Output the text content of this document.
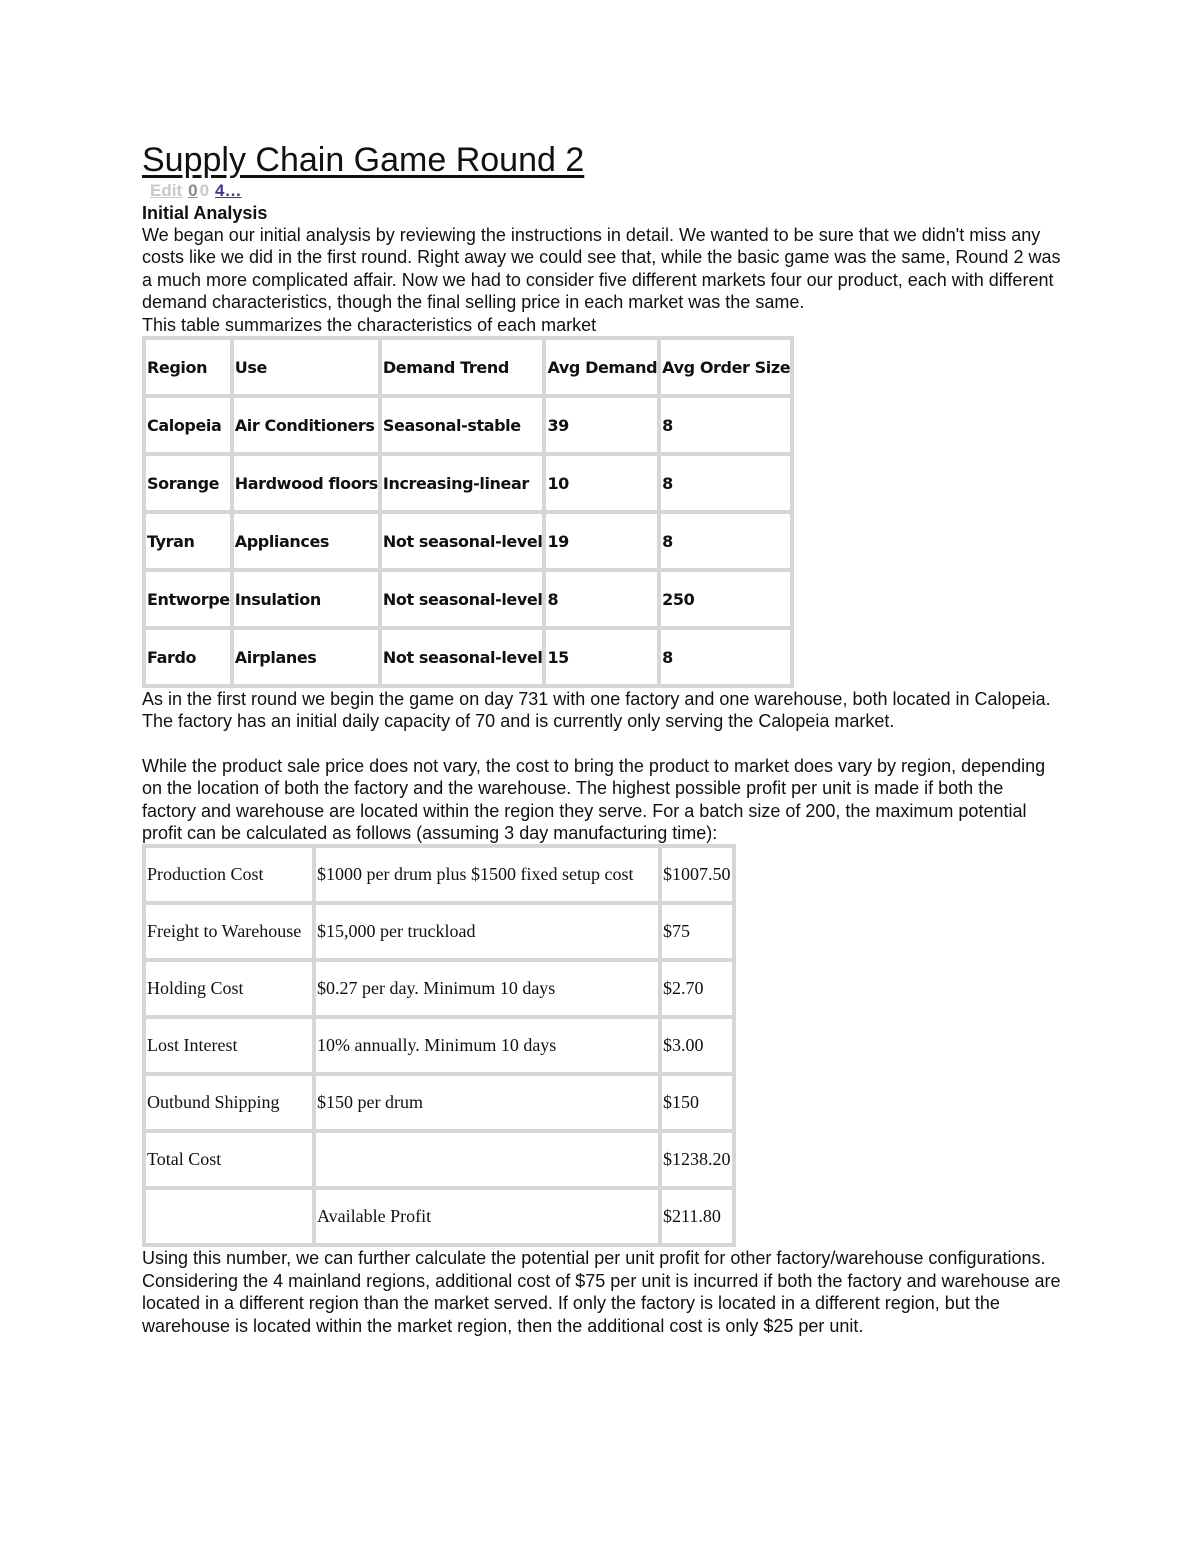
Supply Chain Game Round 2
Edit 0 0 4…
Initial Analysis

We began our initial analysis by reviewing the instructions in detail. We wanted to be sure that we didn't miss any costs like we did in the first round. Right away we could see that, while the basic game was the same, Round 2 was a much more complicated affair. Now we had to consider five different markets four our product, each with different demand characteristics, though the final selling price in each market was the same.

This table summarizes the characteristics of each market

Region	Use	Demand Trend	Avg Demand	Avg Order Size
Calopeia	Air Conditioners	Seasonal-stable	39	8
Sorange	Hardwood floors	Increasing-linear	10	8
Tyran	Appliances	Not seasonal-level	19	8
Entworpe	Insulation	Not seasonal-level	8	250
Fardo	Airplanes	Not seasonal-level	15	8

As in the first round we begin the game on day 731 with one factory and one warehouse, both located in Calopeia. The factory has an initial daily capacity of 70 and is currently only serving the Calopeia market.

While the product sale price does not vary, the cost to bring the product to market does vary by region, depending on the location of both the factory and the warehouse. The highest possible profit per unit is made if both the factory and warehouse are located within the region they serve. For a batch size of 200, the maximum potential profit can be calculated as follows (assuming 3 day manufacturing time):

Production Cost	$1000 per drum plus $1500 fixed setup cost	$1007.50
Freight to Warehouse	$15,000 per truckload	$75
Holding Cost	$0.27 per day. Minimum 10 days	$2.70
Lost Interest	10% annually. Minimum 10 days	$3.00
Outbund Shipping	$150 per drum	$150
Total Cost		$1238.20
	Available Profit	$211.80

Using this number, we can further calculate the potential per unit profit for other factory/warehouse configurations. Considering the 4 mainland regions, additional cost of $75 per unit is incurred if both the factory and warehouse are located in a different region than the market served. If only the factory is located in a different region, but the warehouse is located within the market region, then the additional cost is only $25 per unit.
